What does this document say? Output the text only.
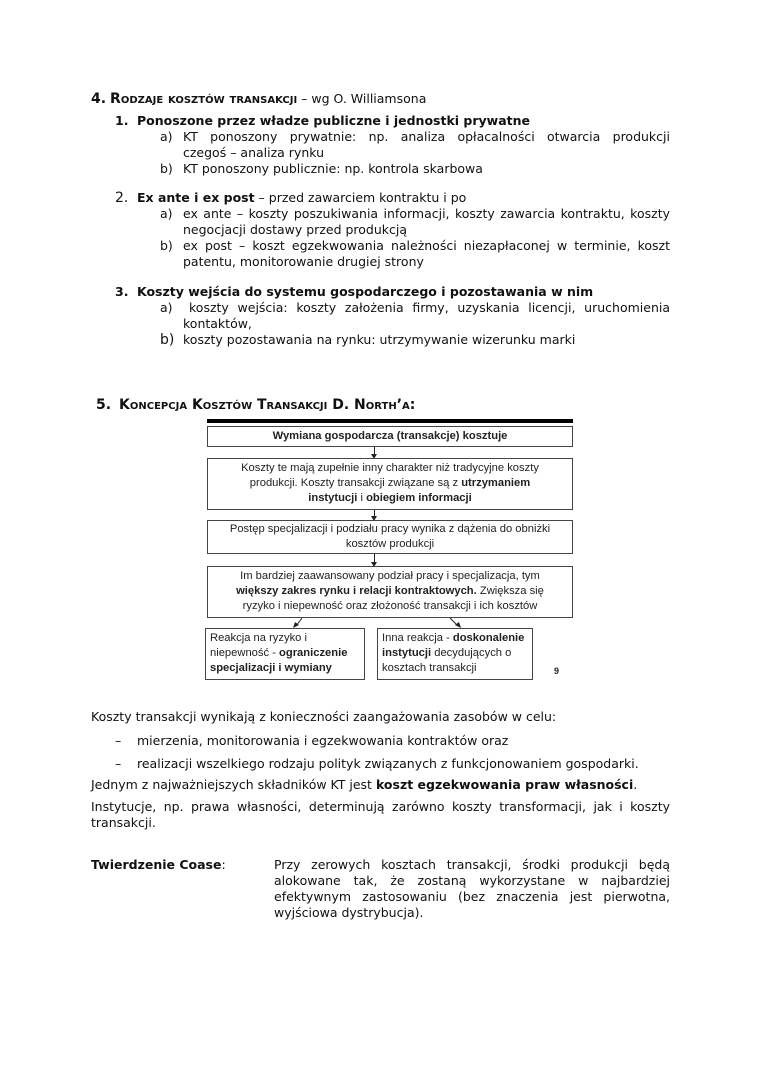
4. Rodzaje kosztów transakcji – wg O. Williamsona
1. Ponoszone przez władze publiczne i jednostki prywatne
a) KT ponoszony prywatnie: np. analiza opłacalności otwarcia produkcji
czegoś – analiza rynku
b) KT ponoszony publicznie: np. kontrola skarbowa
2. Ex ante i ex post – przed zawarciem kontraktu i po
a) ex ante – koszty poszukiwania informacji, koszty zawarcia kontraktu, koszty
negocjacji dostawy przed produkcją
b) ex post – koszt egzekwowania należności niezapłaconej w terminie, koszt
patentu, monitorowanie drugiej strony
3. Koszty wejścia do systemu gospodarczego i pozostawania w nim
a) koszty wejścia: koszty założenia firmy, uzyskania licencji, uruchomienia
kontaktów,
b) koszty pozostawania na rynku: utrzymywanie wizerunku marki
5. Koncepcja Kosztów Transakcji D. North’a:
Wymiana gospodarcza (transakcje) kosztuje
Koszty te mają zupełnie inny charakter niż tradycyjne koszty
produkcji. Koszty transakcji związane są z utrzymaniem
instytucji i obiegiem informacji
Postęp specjalizacji i podziału pracy wynika z dążenia do obniżki
kosztów produkcji
Im bardziej zaawansowany podział pracy i specjalizacja, tym
większy zakres rynku i relacji kontraktowych. Zwiększa się
ryzyko i niepewność oraz złożoność transakcji i ich kosztów
Reakcja na ryzyko i
niepewność - ograniczenie
specjalizacji i wymiany
Inna reakcja - doskonalenie
instytucji decydujących o
kosztach transakcji	9
Koszty transakcji wynikają z konieczności zaangażowania zasobów w celu:
– mierzenia, monitorowania i egzekwowania kontraktów oraz
– realizacji wszelkiego rodzaju polityk związanych z funkcjonowaniem gospodarki.
Jednym z najważniejszych składników KT jest koszt egzekwowania praw własności.
Instytucje, np. prawa własności, determinują zarówno koszty transformacji, jak i koszty
transakcji.
Twierdzenie Coase:	Przy zerowych kosztach transakcji, środki produkcji będą
alokowane tak, że zostaną wykorzystane w najbardziej
efektywnym zastosowaniu (bez znaczenia jest pierwotna,
wyjściowa dystrybucja).
